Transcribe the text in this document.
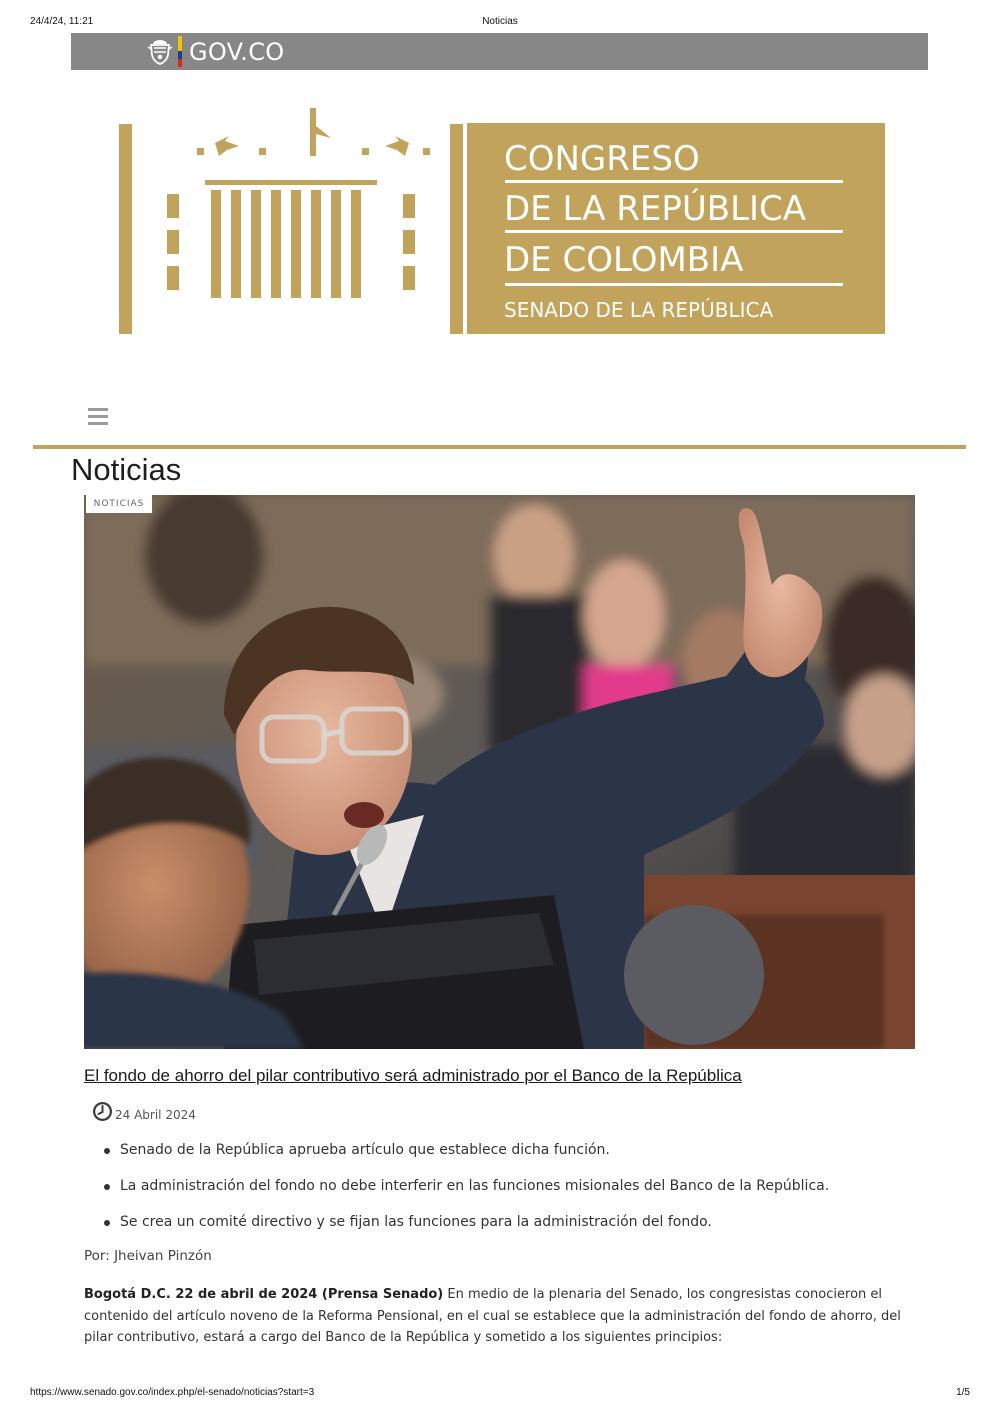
24/4/24, 11:21	Noticias
GOV.CO
CONGRESO
DE LA REPÚBLICA
DE COLOMBIA
SENADO DE LA REPÚBLICA
Noticias
NOTICIAS
El fondo de ahorro del pilar contributivo será administrado por el Banco de la República
24 Abril 2024
Senado de la República aprueba artículo que establece dicha función.
La administración del fondo no debe interferir en las funciones misionales del Banco de la República.
Se crea un comité directivo y se fijan las funciones para la administración del fondo.

Por: Jheivan Pinzón

Bogotá D.C. 22 de abril de 2024 (Prensa Senado) En medio de la plenaria del Senado, los congresistas conocieron el contenido del artículo noveno de la Reforma Pensional, en el cual se establece que la administración del fondo de ahorro, del pilar contributivo, estará a cargo del Banco de la República y sometido a los siguientes principios:

https://www.senado.gov.co/index.php/el-senado/noticias?start=3	1/5
